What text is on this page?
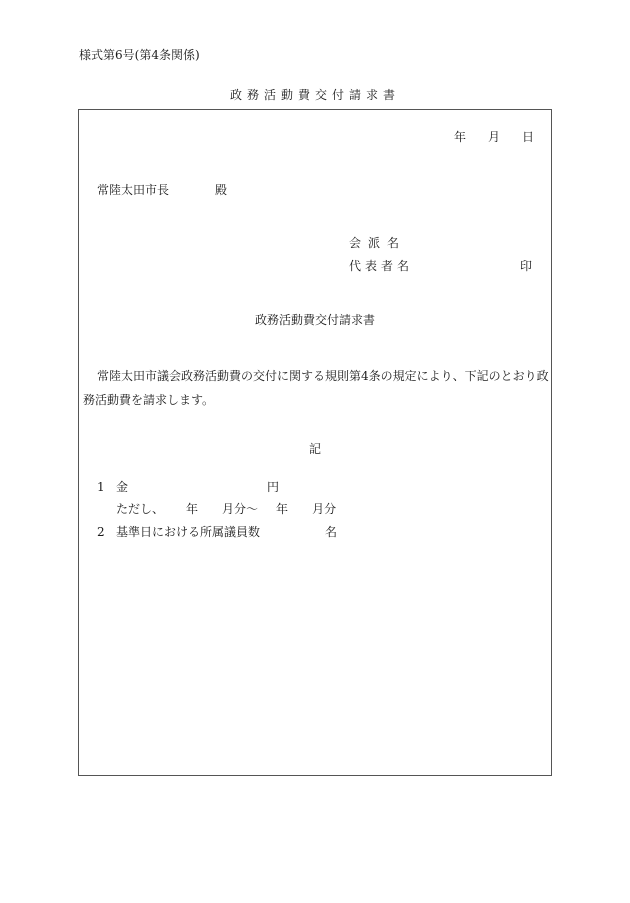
様式第6号(第4条関係)
政務活動費交付請求書
年 月 日
常陸太田市長	殿
会派名
代表者名	印
政務活動費交付請求書
常陸太田市議会政務活動費の交付に関する規則第4条の規定により、下記のとおり政務活動費を請求します。
記
1 金	円
ただし、 年 月分〜 年 月分
2 基準日における所属議員数	名
